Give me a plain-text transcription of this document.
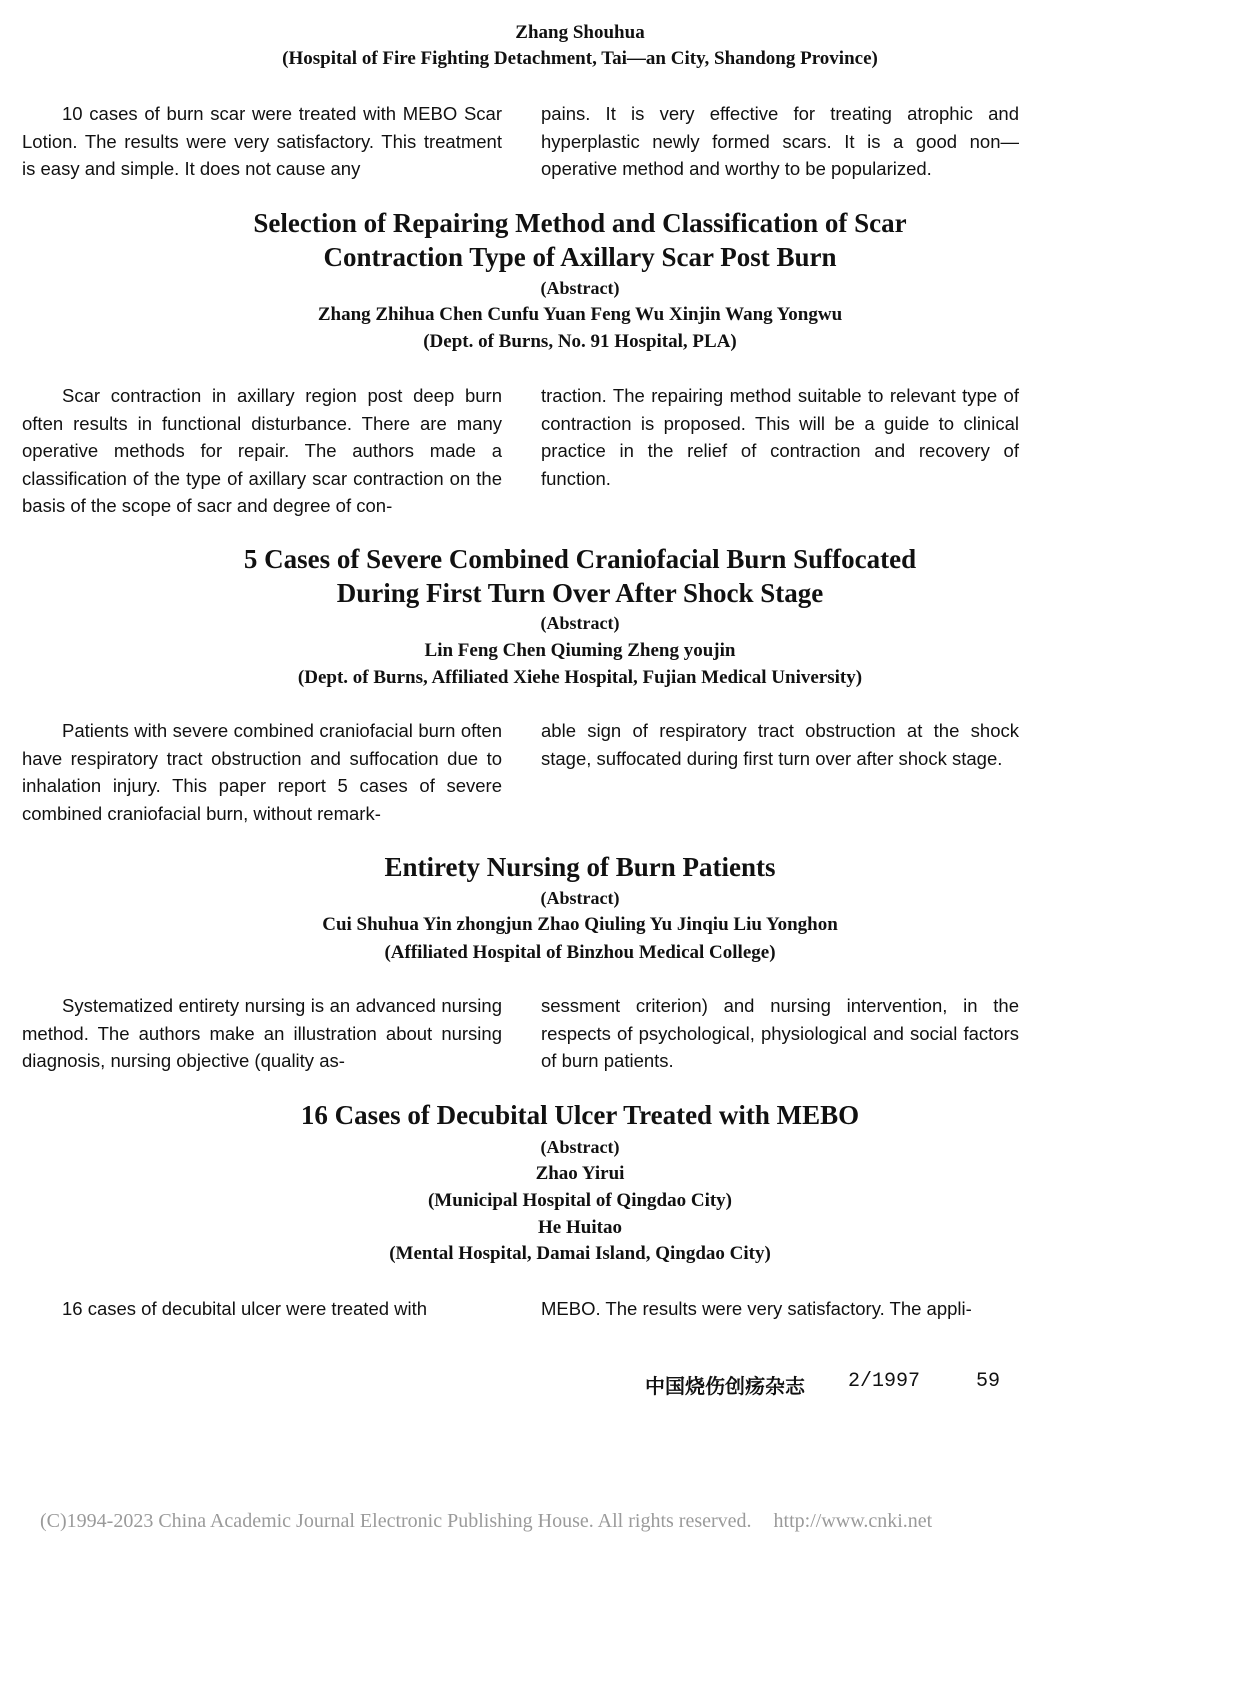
Zhang Shouhua
(Hospital of Fire Fighting Detachment, Tai—an City, Shandong Province)

10 cases of burn scar were treated with MEBO Scar Lotion. The results were very satisfactory. This treatment is easy and simple. It does not cause any

pains. It is very effective for treating atrophic and hyperplastic newly formed scars. It is a good non—operative method and worthy to be popularized.

Selection of Repairing Method and Classification of Scar
Contraction Type of Axillary Scar Post Burn
(Abstract)
Zhang Zhihua Chen Cunfu Yuan Feng Wu Xinjin Wang Yongwu
(Dept. of Burns, No. 91 Hospital, PLA)

Scar contraction in axillary region post deep burn often results in functional disturbance. There are many operative methods for repair. The authors made a classification of the type of axillary scar contraction on the basis of the scope of sacr and degree of con-

traction. The repairing method suitable to relevant type of contraction is proposed. This will be a guide to clinical practice in the relief of contraction and recovery of function.

5 Cases of Severe Combined Craniofacial Burn Suffocated
During First Turn Over After Shock Stage
(Abstract)
Lin Feng Chen Qiuming Zheng youjin
(Dept. of Burns, Affiliated Xiehe Hospital, Fujian Medical University)

Patients with severe combined craniofacial burn often have respiratory tract obstruction and suffocation due to inhalation injury. This paper report 5 cases of severe combined craniofacial burn, without remark-

able sign of respiratory tract obstruction at the shock stage, suffocated during first turn over after shock stage.

Entirety Nursing of Burn Patients
(Abstract)
Cui Shuhua Yin zhongjun Zhao Qiuling Yu Jinqiu Liu Yonghon
(Affiliated Hospital of Binzhou Medical College)

Systematized entirety nursing is an advanced nursing method. The authors make an illustration about nursing diagnosis, nursing objective (quality as-

sessment criterion) and nursing intervention, in the respects of psychological, physiological and social factors of burn patients.

16 Cases of Decubital Ulcer Treated with MEBO
(Abstract)
Zhao Yirui
(Municipal Hospital of Qingdao City)
He Huitao
(Mental Hospital, Damai Island, Qingdao City)

16 cases of decubital ulcer were treated with	MEBO. The results were very satisfactory. The appli-

中国烧伤创疡杂志 2/1997	59
(C)1994-2023 China Academic Journal Electronic Publishing House. All rights reserved. http://www.cnki.net
